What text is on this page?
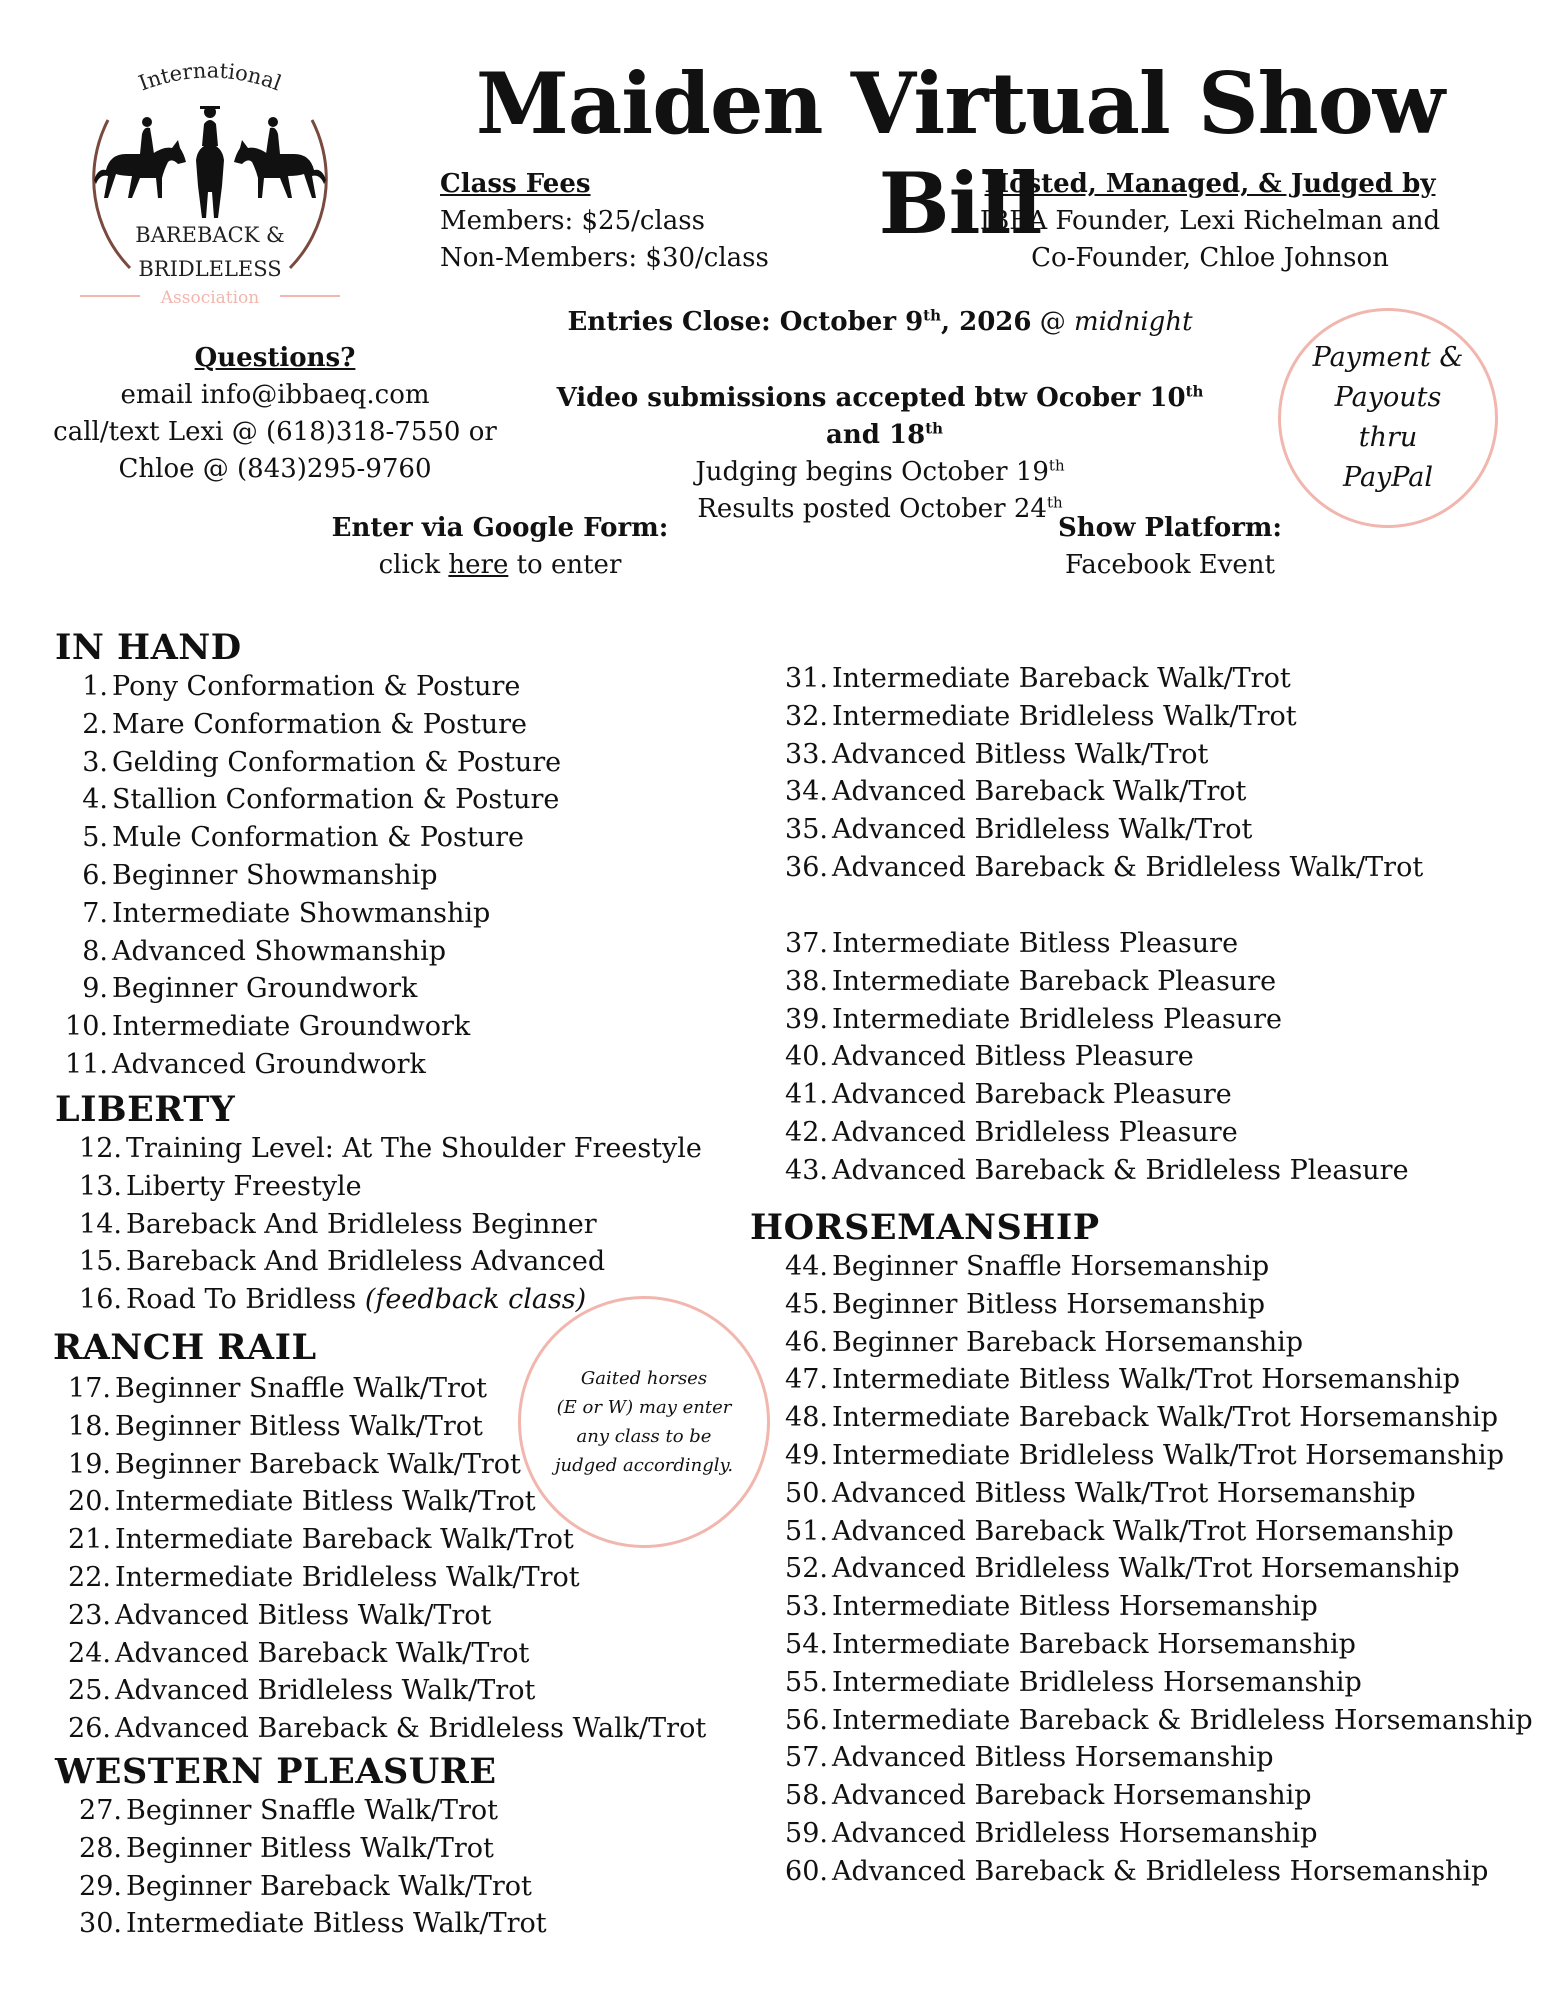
International
BAREBACK &
BRIDLELESS
Association
Maiden Virtual Show Bill
Class Fees
Members: $25/class
Non-Members: $30/class
Hosted, Managed, & Judged by
IBBA Founder, Lexi Richelman and
Co-Founder, Chloe Johnson
Entries Close: October 9th, 2026 @ midnight
Questions?
email info@ibbaeq.com
call/text Lexi @ (618)318-7550 or
Chloe @ (843)295-9760
Video submissions accepted btw Ocober 10th and 18th
Judging begins October 19th
Results posted October 24th
Payment &
Payouts
thru
PayPal
Enter via Google Form:
click here to enter
Show Platform:
Facebook Event
IN HAND
1. Pony Conformation & Posture
2. Mare Conformation & Posture
3. Gelding Conformation & Posture
4. Stallion Conformation & Posture
5. Mule Conformation & Posture
6. Beginner Showmanship
7. Intermediate Showmanship
8. Advanced Showmanship
9. Beginner Groundwork
10. Intermediate Groundwork
11. Advanced Groundwork
LIBERTY
12. Training Level: At The Shoulder Freestyle
13. Liberty Freestyle
14. Bareback And Bridleless Beginner
15. Bareback And Bridleless Advanced
16. Road To Bridless (feedback class)
RANCH RAIL
17. Beginner Snaffle Walk/Trot
18. Beginner Bitless Walk/Trot
19. Beginner Bareback Walk/Trot
20. Intermediate Bitless Walk/Trot
21. Intermediate Bareback Walk/Trot
22. Intermediate Bridleless Walk/Trot
23. Advanced Bitless Walk/Trot
24. Advanced Bareback Walk/Trot
25. Advanced Bridleless Walk/Trot
26. Advanced Bareback & Bridleless Walk/Trot
WESTERN PLEASURE
27. Beginner Snaffle Walk/Trot
28. Beginner Bitless Walk/Trot
29. Beginner Bareback Walk/Trot
30. Intermediate Bitless Walk/Trot
31. Intermediate Bareback Walk/Trot
32. Intermediate Bridleless Walk/Trot
33. Advanced Bitless Walk/Trot
34. Advanced Bareback Walk/Trot
35. Advanced Bridleless Walk/Trot
36. Advanced Bareback & Bridleless Walk/Trot
37. Intermediate Bitless Pleasure
38. Intermediate Bareback Pleasure
39. Intermediate Bridleless Pleasure
40. Advanced Bitless Pleasure
41. Advanced Bareback Pleasure
42. Advanced Bridleless Pleasure
43. Advanced Bareback & Bridleless Pleasure
HORSEMANSHIP
44. Beginner Snaffle Horsemanship
45. Beginner Bitless Horsemanship
46. Beginner Bareback Horsemanship
47. Intermediate Bitless Walk/Trot Horsemanship
48. Intermediate Bareback Walk/Trot Horsemanship
49. Intermediate Bridleless Walk/Trot Horsemanship
50. Advanced Bitless Walk/Trot Horsemanship
51. Advanced Bareback Walk/Trot Horsemanship
52. Advanced Bridleless Walk/Trot Horsemanship
53. Intermediate Bitless Horsemanship
54. Intermediate Bareback Horsemanship
55. Intermediate Bridleless Horsemanship
56. Intermediate Bareback & Bridleless Horsemanship
57. Advanced Bitless Horsemanship
58. Advanced Bareback Horsemanship
59. Advanced Bridleless Horsemanship
60. Advanced Bareback & Bridleless Horsemanship
Gaited horses
(E or W) may enter
any class to be
judged accordingly.
